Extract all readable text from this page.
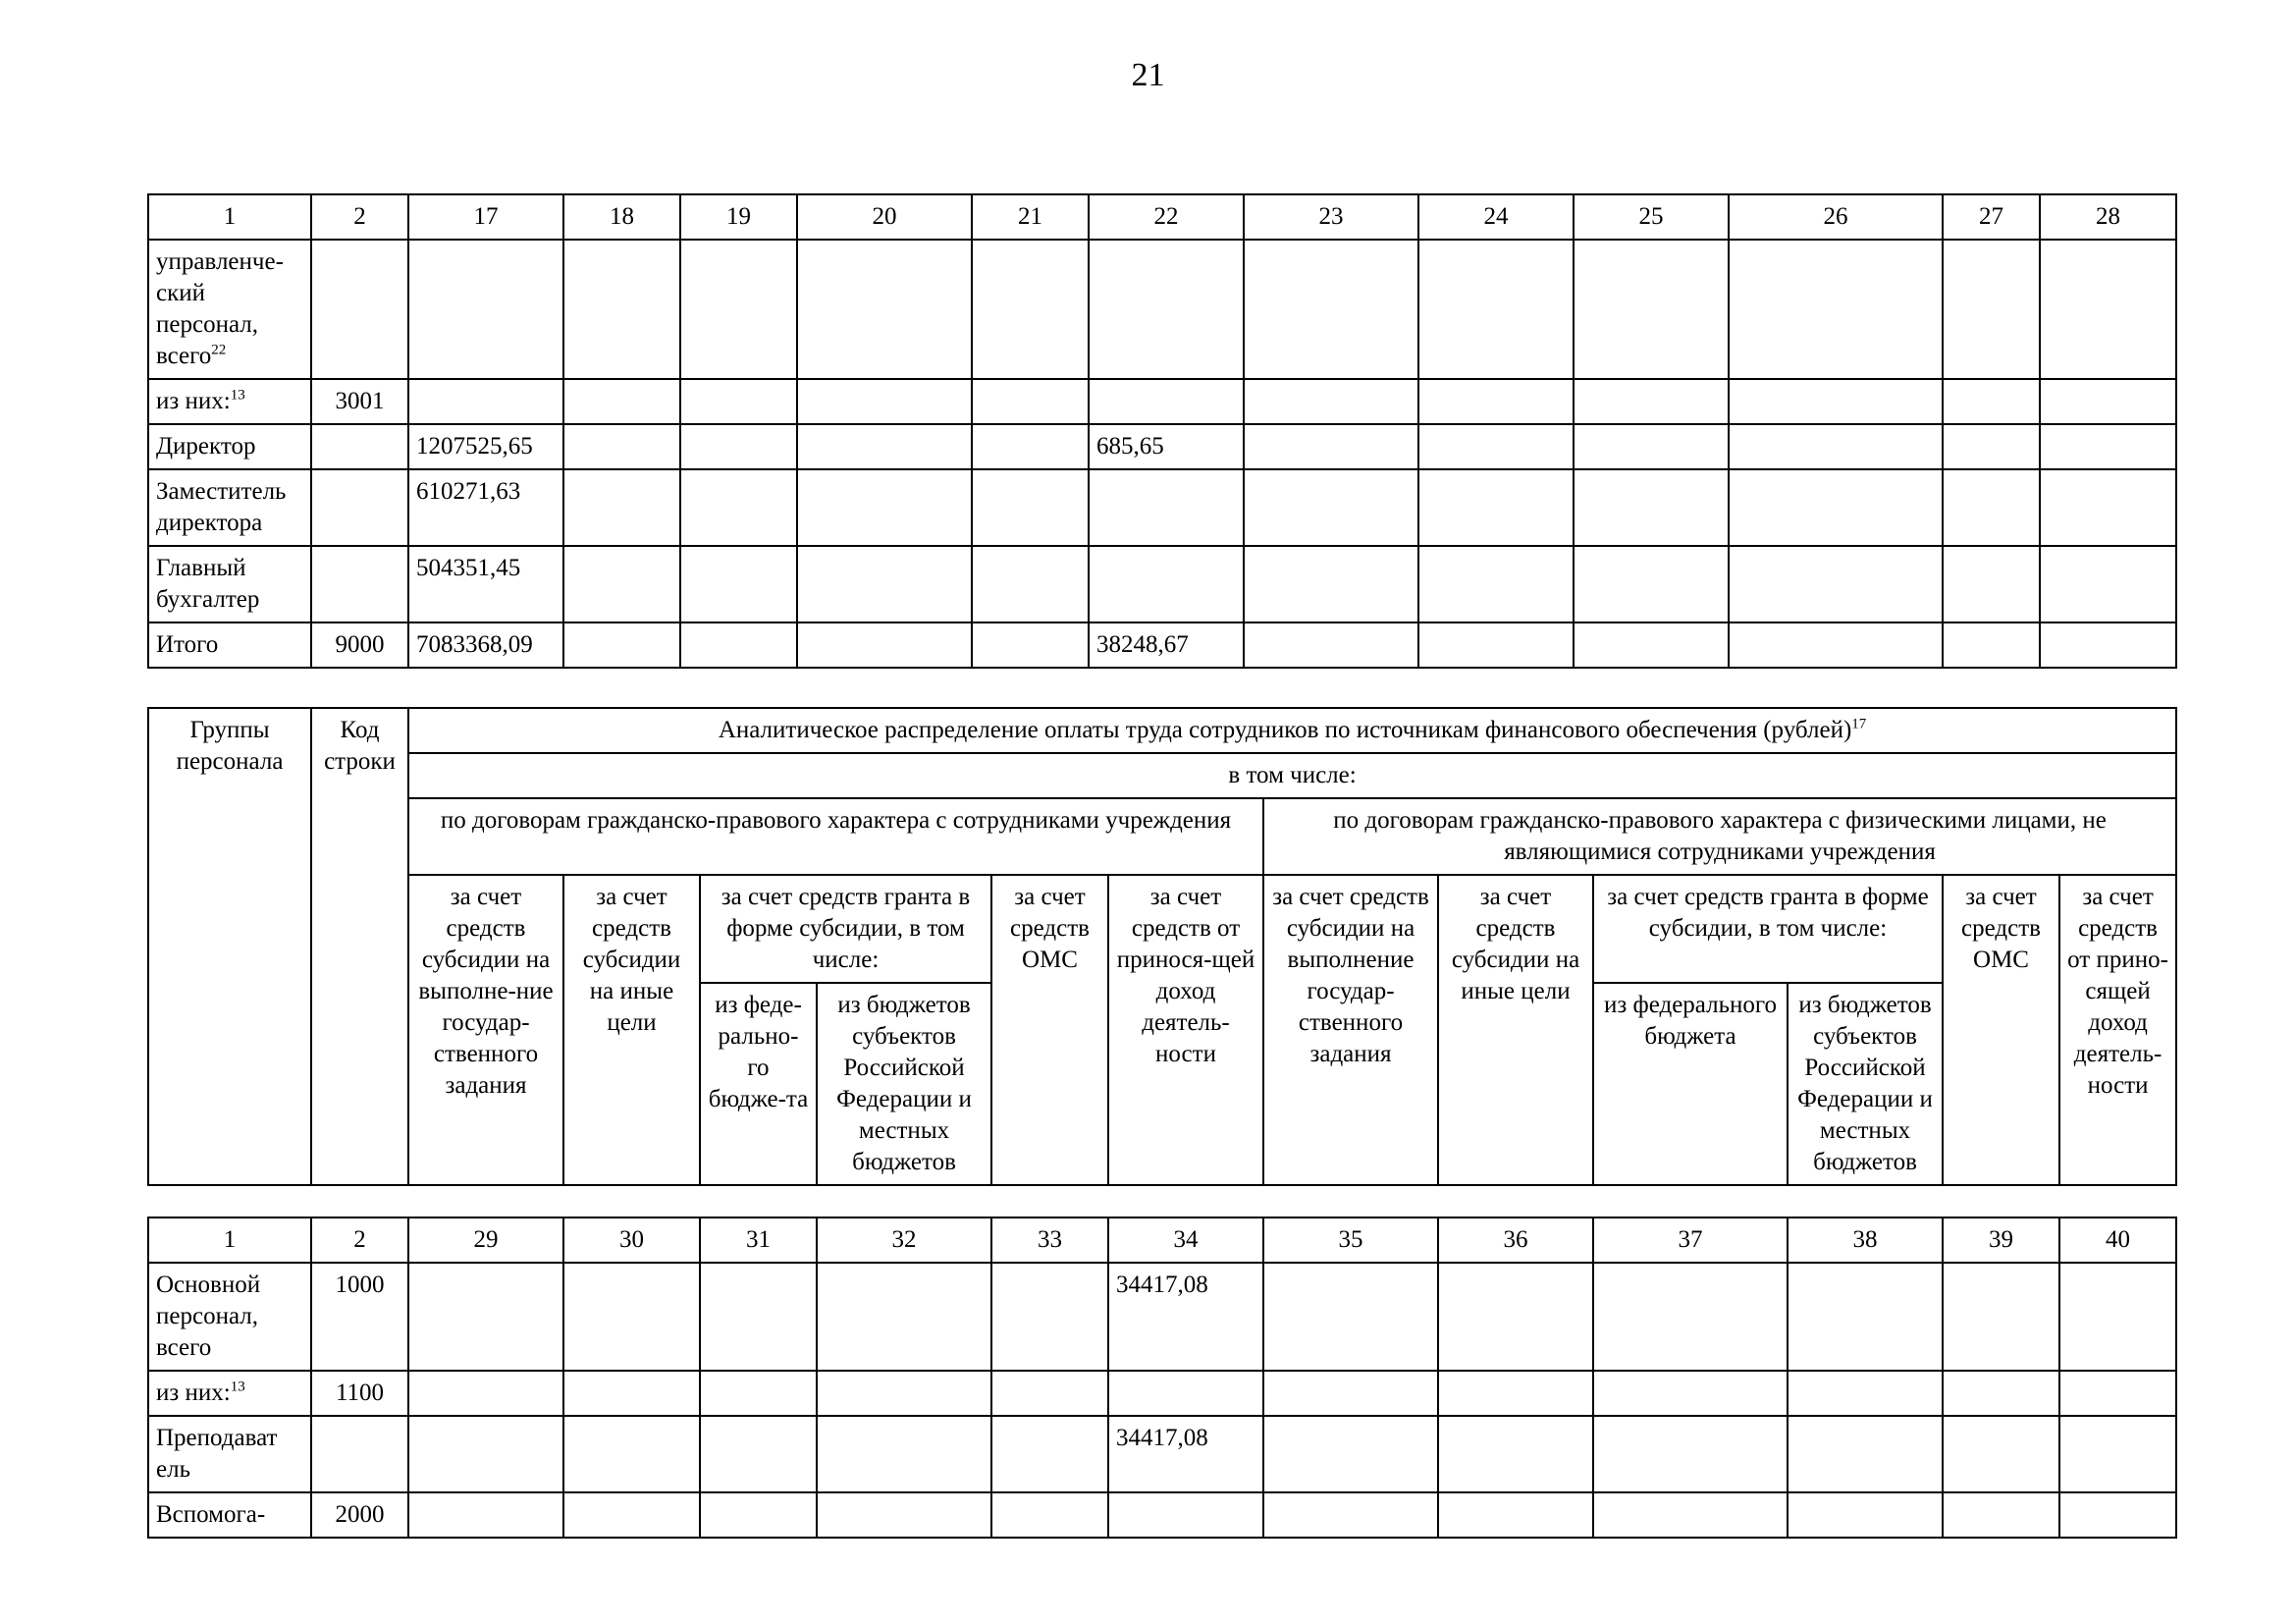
21
1	2	17	18	19	20	21	22	23	24	25	26	27	28
управленче-ский персонал, всего$^{22}$													
из них:$^{13}$	3001												
Директор		1207525,65					685,65						
Заместитель директора		610271,63											
Главный бухгалтер		504351,45											
Итого	9000	7083368,09					38248,67						
Группы персонала	Код строки	Аналитическое распределение оплаты труда сотрудников по источникам финансового обеспечения (рублей)$^{17}$
		в том числе:											
		по договорам гражданско-правового характера с сотрудниками учреждения						по договорам гражданско-правового характера с физическими лицами, не являющимися сотрудниками учреждения					
		за счет средств субсидии на выполне-ние государ-ственного задания	за счет средств субсидии на иные цели	за счет средств гранта в форме субсидии, в том числе:		за счет средств ОМС	за счет средств от принося-щей доход деятель-ности	за счет средств субсидии на выполнение государ-ственного задания	за счет средств субсидии на иные цели	за счет средств гранта в форме субсидии, в том числе:		за счет средств ОМС	за счет средств от прино-сящей доход деятель-ности
				из феде-рально-го бюдже-та	из бюджетов субъектов Российской Федерации и местных бюджетов					из федерального бюджета	из бюджетов субъектов Российской Федерации и местных бюджетов		
1	2	29	30	31	32	33	34	35	36	37	38	39	40
Основной персонал, всего	1000						34417,08						
из них:$^{13}$	1100												
Преподават ель							34417,08						
Вспомога-	2000												
